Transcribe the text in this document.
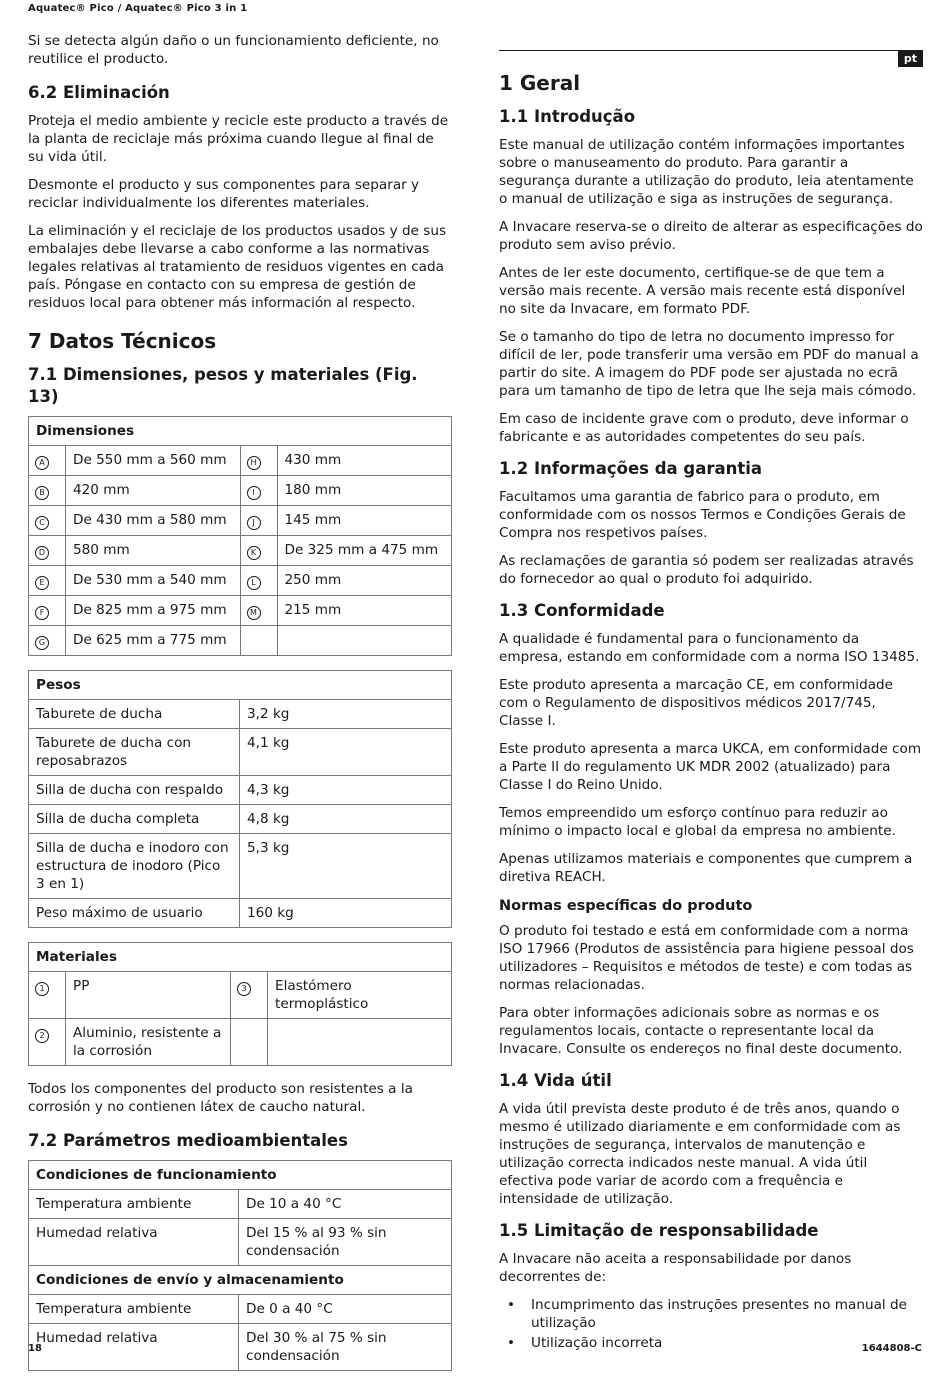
Aquatec® Pico / Aquatec® Pico 3 in 1

Si se detecta algún daño o un funcionamiento deficiente, no reutilice el producto.

6.2 Eliminación

Proteja el medio ambiente y recicle este producto a través de la planta de reciclaje más próxima cuando llegue al final de su vida útil.

Desmonte el producto y sus componentes para separar y reciclar individualmente los diferentes materiales.

La eliminación y el reciclaje de los productos usados y de sus embalajes debe llevarse a cabo conforme a las normativas legales relativas al tratamiento de residuos vigentes en cada país. Póngase en contacto con su empresa de gestión de residuos local para obtener más información al respecto.

7 Datos Técnicos
7.1 Dimensiones, pesos y materiales (Fig. 13)
Dimensiones			
A	De 550 mm a 560 mm	H	430 mm
B	420 mm	I	180 mm
C	De 430 mm a 580 mm	J	145 mm
D	580 mm	K	De 325 mm a 475 mm
E	De 530 mm a 540 mm	L	250 mm
F	De 825 mm a 975 mm	M	215 mm
G	De 625 mm a 775 mm		
Pesos	
Taburete de ducha	3,2 kg
Taburete de ducha con reposabrazos	4,1 kg
Silla de ducha con respaldo	4,3 kg
Silla de ducha completa	4,8 kg
Silla de ducha e inodoro con estructura de inodoro (Pico 3 en 1)	5,3 kg
Peso máximo de usuario	160 kg
Materiales			
1	PP	3	Elastómero termoplástico
2	Aluminio, resistente a la corrosión		

Todos los componentes del producto son resistentes a la corrosión y no contienen látex de caucho natural.

7.2 Parámetros medioambientales
Condiciones de funcionamiento	
Temperatura ambiente	De 10 a 40 °C
Humedad relativa	Del 15 % al 93 % sin condensación
Condiciones de envío y almacenamiento	
Temperatura ambiente	De 0 a 40 °C
Humedad relativa	Del 30 % al 75 % sin condensación
pt
1 Geral
1.1 Introdução

Este manual de utilização contém informações importantes sobre o manuseamento do produto. Para garantir a segurança durante a utilização do produto, leia atentamente o manual de utilização e siga as instruções de segurança.

A Invacare reserva-se o direito de alterar as especificações do produto sem aviso prévio.

Antes de ler este documento, certifique-se de que tem a versão mais recente. A versão mais recente está disponível no site da Invacare, em formato PDF.

Se o tamanho do tipo de letra no documento impresso for difícil de ler, pode transferir uma versão em PDF do manual a partir do site. A imagem do PDF pode ser ajustada no ecrã para um tamanho de tipo de letra que lhe seja mais cómodo.

Em caso de incidente grave com o produto, deve informar o fabricante e as autoridades competentes do seu país.

1.2 Informações da garantia

Facultamos uma garantia de fabrico para o produto, em conformidade com os nossos Termos e Condições Gerais de Compra nos respetivos países.

As reclamações de garantia só podem ser realizadas através do fornecedor ao qual o produto foi adquirido.

1.3 Conformidade

A qualidade é fundamental para o funcionamento da empresa, estando em conformidade com a norma ISO 13485.

Este produto apresenta a marcação CE, em conformidade com o Regulamento de dispositivos médicos 2017/745, Classe I.

Este produto apresenta a marca UKCA, em conformidade com a Parte II do regulamento UK MDR 2002 (atualizado) para Classe I do Reino Unido.

Temos empreendido um esforço contínuo para reduzir ao mínimo o impacto local e global da empresa no ambiente.

Apenas utilizamos materiais e componentes que cumprem a diretiva REACH.

Normas específicas do produto

O produto foi testado e está em conformidade com a norma ISO 17966 (Produtos de assistência para higiene pessoal dos utilizadores – Requisitos e métodos de teste) e com todas as normas relacionadas.

Para obter informações adicionais sobre as normas e os regulamentos locais, contacte o representante local da Invacare. Consulte os endereços no final deste documento.

1.4 Vida útil

A vida útil prevista deste produto é de três anos, quando o mesmo é utilizado diariamente e em conformidade com as instruções de segurança, intervalos de manutenção e utilização correcta indicados neste manual. A vida útil efectiva pode variar de acordo com a frequência e intensidade de utilização.

1.5 Limitação de responsabilidade

A Invacare não aceita a responsabilidade por danos decorrentes de:

• Incumprimento das instruções presentes no manual de utilização
• Utilização incorreta
18	1644808-C
